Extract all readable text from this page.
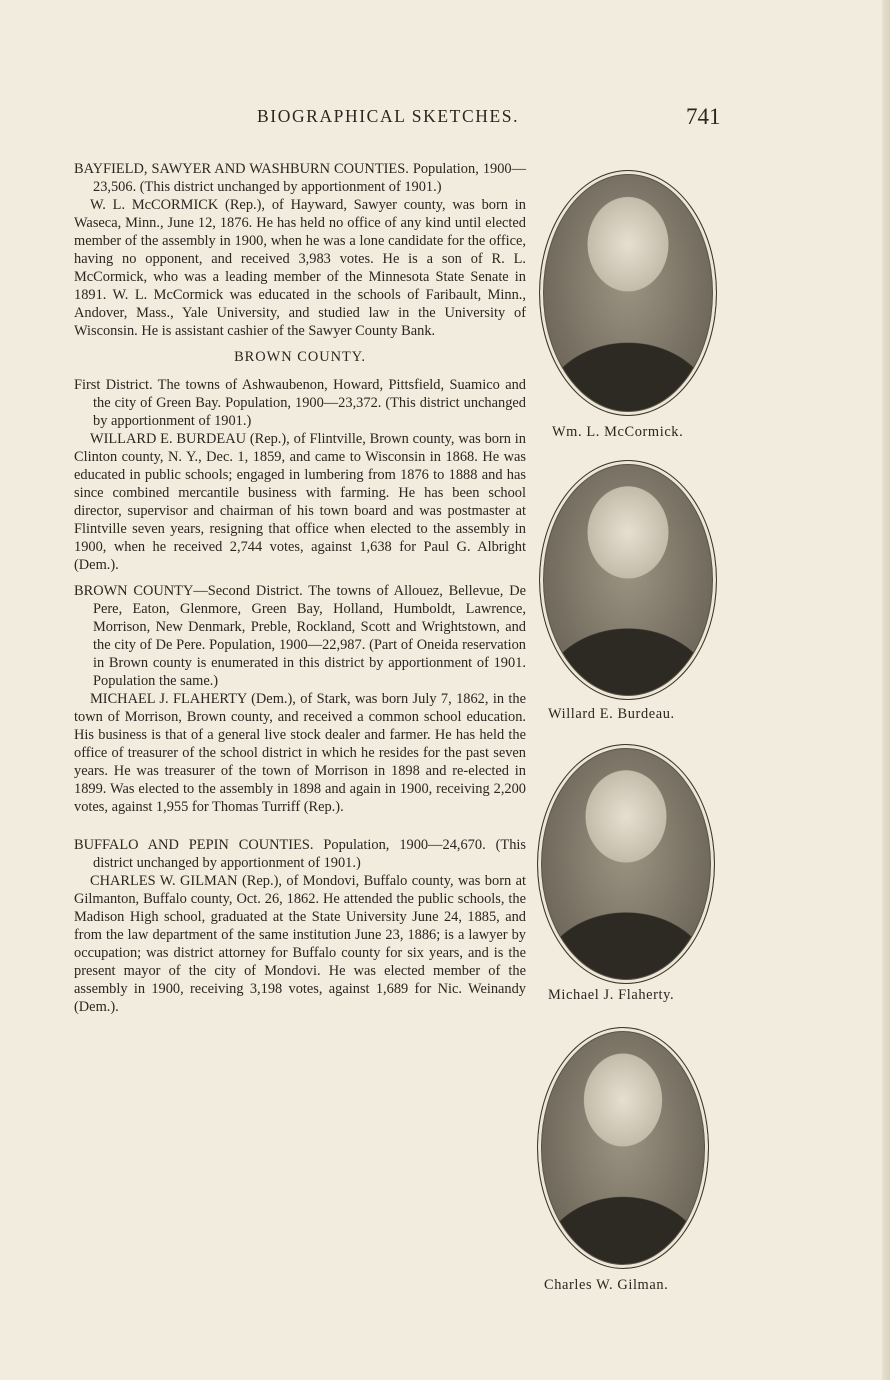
BIOGRAPHICAL SKETCHES.	741

BAYFIELD, SAWYER AND WASHBURN COUNTIES. Population, 1900—23,506. (This district unchanged by apportionment of 1901.)

W. L. McCORMICK (Rep.), of Hayward, Sawyer county, was born in Waseca, Minn., June 12, 1876. He has held no office of any kind until elected member of the assembly in 1900, when he was a lone candidate for the office, having no opponent, and received 3,983 votes. He is a son of R. L. McCormick, who was a leading member of the Minnesota State Senate in 1891. W. L. McCormick was educated in the schools of Faribault, Minn., Andover, Mass., Yale University, and studied law in the University of Wisconsin. He is assistant cashier of the Sawyer County Bank.

BROWN COUNTY.

First District. The towns of Ashwaubenon, Howard, Pittsfield, Suamico and the city of Green Bay. Population, 1900—23,372. (This district unchanged by apportionment of 1901.)

WILLARD E. BURDEAU (Rep.), of Flintville, Brown county, was born in Clinton county, N. Y., Dec. 1, 1859, and came to Wisconsin in 1868. He was educated in public schools; engaged in lumbering from 1876 to 1888 and has since combined mercantile business with farming. He has been school director, supervisor and chairman of his town board and was postmaster at Flintville seven years, resigning that office when elected to the assembly in 1900, when he received 2,744 votes, against 1,638 for Paul G. Albright (Dem.).

BROWN COUNTY—Second District. The towns of Allouez, Bellevue, De Pere, Eaton, Glenmore, Green Bay, Holland, Humboldt, Lawrence, Morrison, New Denmark, Preble, Rockland, Scott and Wrightstown, and the city of De Pere. Population, 1900—22,987. (Part of Oneida reservation in Brown county is enumerated in this district by apportionment of 1901. Population the same.)

MICHAEL J. FLAHERTY (Dem.), of Stark, was born July 7, 1862, in the town of Morrison, Brown county, and received a common school education. His business is that of a general live stock dealer and farmer. He has held the office of treasurer of the school district in which he resides for the past seven years. He was treasurer of the town of Morrison in 1898 and re-elected in 1899. Was elected to the assembly in 1898 and again in 1900, receiving 2,200 votes, against 1,955 for Thomas Turriff (Rep.).

BUFFALO AND PEPIN COUNTIES. Population, 1900—24,670. (This district unchanged by apportionment of 1901.)

CHARLES W. GILMAN (Rep.), of Mondovi, Buffalo county, was born at Gilmanton, Buffalo county, Oct. 26, 1862. He attended the public schools, the Madison High school, graduated at the State University June 24, 1885, and from the law department of the same institution June 23, 1886; is a lawyer by occupation; was district attorney for Buffalo county for six years, and is the present mayor of the city of Mondovi. He was elected member of the assembly in 1900, receiving 3,198 votes, against 1,689 for Nic. Weinandy (Dem.).

Wm. L. McCormick.
Willard E. Burdeau.
Michael J. Flaherty.
Charles W. Gilman.
